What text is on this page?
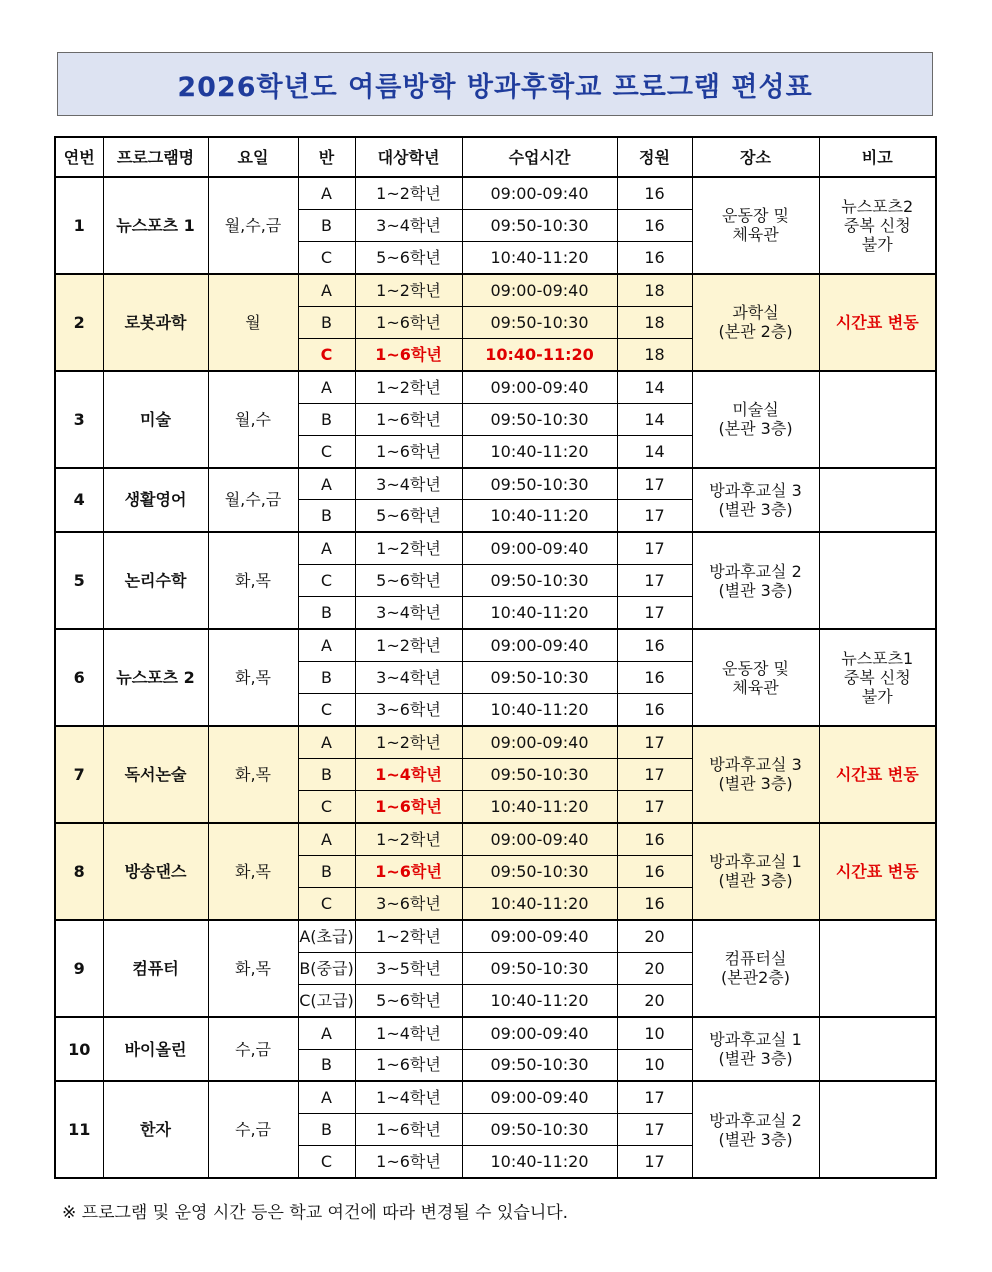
2026학년도 여름방학 방과후학교 프로그램 편성표
연번	프로그램명	요일	반	대상학년	수업시간	정원	장소	비고
1	뉴스포츠 1	월,수,금	A	1~2학년	09:00-09:40	16	운동장 및
체육관	뉴스포츠2
중복 신청
불가
			B	3~4학년	09:50-10:30	16		
			C	5~6학년	10:40-11:20	16		
2	로봇과학	월	A	1~2학년	09:00-09:40	18	과학실
(본관 2층)	시간표 변동
			B	1~6학년	09:50-10:30	18		
			C	1~6학년	10:40-11:20	18		
3	미술	월,수	A	1~2학년	09:00-09:40	14	미술실
(본관 3층)	
			B	1~6학년	09:50-10:30	14		
			C	1~6학년	10:40-11:20	14		
4	생활영어	월,수,금	A	3~4학년	09:50-10:30	17	방과후교실 3
(별관 3층)	
			B	5~6학년	10:40-11:20	17		
5	논리수학	화,목	A	1~2학년	09:00-09:40	17	방과후교실 2
(별관 3층)	
			C	5~6학년	09:50-10:30	17		
			B	3~4학년	10:40-11:20	17		
6	뉴스포츠 2	화,목	A	1~2학년	09:00-09:40	16	운동장 및
체육관	뉴스포츠1
중복 신청
불가
			B	3~4학년	09:50-10:30	16		
			C	3~6학년	10:40-11:20	16		
7	독서논술	화,목	A	1~2학년	09:00-09:40	17	방과후교실 3
(별관 3층)	시간표 변동
			B	1~4학년	09:50-10:30	17		
			C	1~6학년	10:40-11:20	17		
8	방송댄스	화,목	A	1~2학년	09:00-09:40	16	방과후교실 1
(별관 3층)	시간표 변동
			B	1~6학년	09:50-10:30	16		
			C	3~6학년	10:40-11:20	16		
9	컴퓨터	화,목	A(초급)	1~2학년	09:00-09:40	20	컴퓨터실
(본관2층)	
			B(중급)	3~5학년	09:50-10:30	20		
			C(고급)	5~6학년	10:40-11:20	20		
10	바이올린	수,금	A	1~4학년	09:00-09:40	10	방과후교실 1
(별관 3층)	
			B	1~6학년	09:50-10:30	10		
11	한자	수,금	A	1~4학년	09:00-09:40	17	방과후교실 2
(별관 3층)	
			B	1~6학년	09:50-10:30	17		
			C	1~6학년	10:40-11:20	17		
※ 프로그램 및 운영 시간 등은 학교 여건에 따라 변경될 수 있습니다.
